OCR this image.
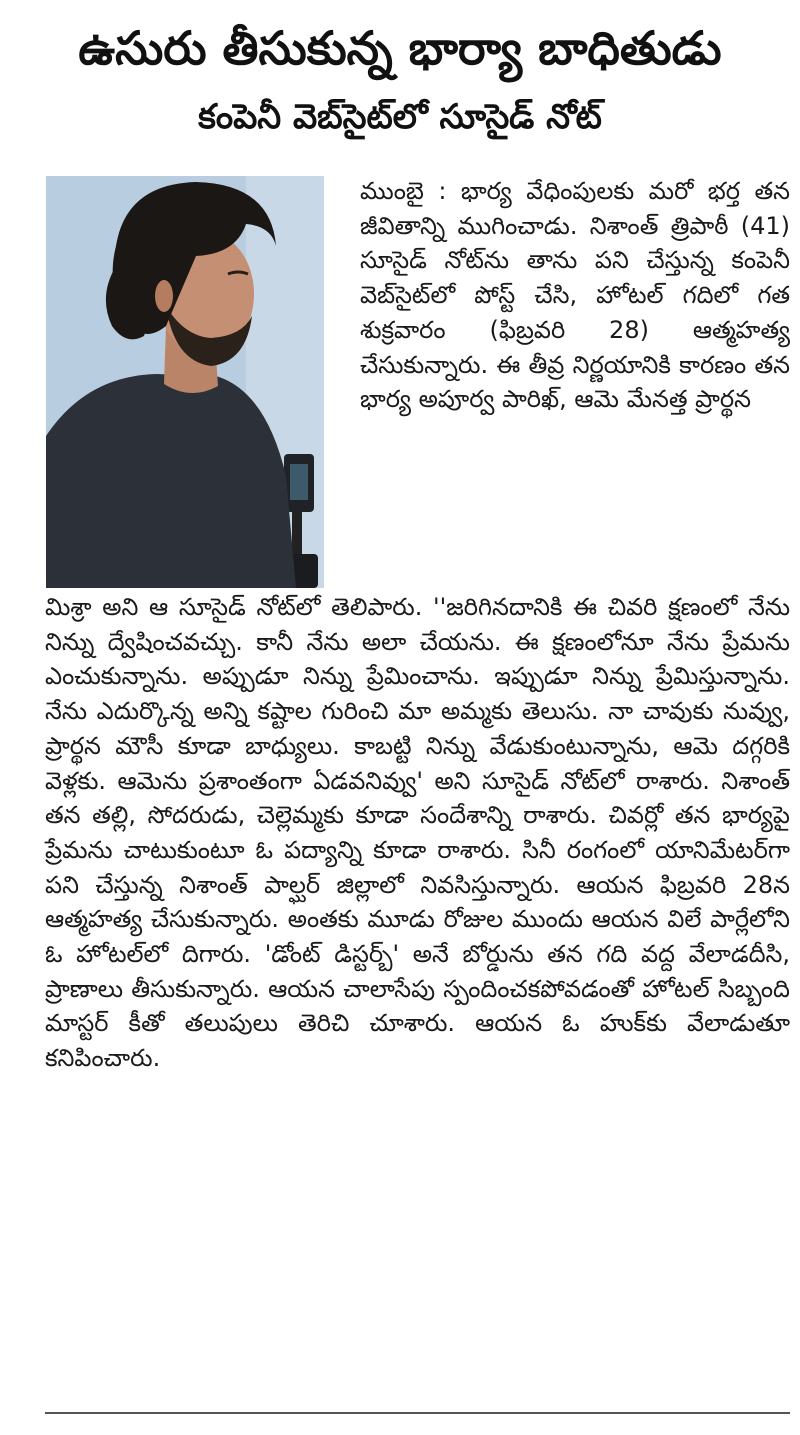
ఉసురు తీసుకున్న భార్యా బాధితుడు
కంపెనీ వెబ్‌సైట్‌లో సూసైడ్ నోట్

ముంబై : భార్య వేధింపులకు మరో భర్త తన జీవితాన్ని ముగించాడు. నిశాంత్ త్రిపాఠీ (41) సూసైడ్ నోట్‌ను తాను పని చేస్తున్న కంపెనీ వెబ్‌సైట్‌లో పోస్ట్ చేసి, హోటల్ గదిలో గత శుక్రవారం (ఫిబ్రవరి 28) ఆత్మహత్య చేసుకున్నారు. ఈ తీవ్ర నిర్ణయానికి కారణం తన భార్య అపూర్వ పారిఖ్, ఆమె మేనత్త ప్రార్థన

మిశ్రా అని ఆ సూసైడ్ నోట్‌లో తెలిపారు. ''జరిగినదానికి ఈ చివరి క్షణంలో నేను నిన్ను ద్వేషించవచ్చు. కానీ నేను అలా చేయను. ఈ క్షణంలోనూ నేను ప్రేమను ఎంచుకున్నాను. అప్పుడూ నిన్ను ప్రేమించాను. ఇప్పుడూ నిన్ను ప్రేమిస్తున్నాను. నేను ఎదుర్కొన్న అన్ని కష్టాల గురించి మా అమ్మకు తెలుసు. నా చావుకు నువ్వు, ప్రార్థన మౌసీ కూడా బాధ్యులు. కాబట్టి నిన్ను వేడుకుంటున్నాను, ఆమె దగ్గరికి వెళ్లకు. ఆమెను ప్రశాంతంగా ఏడవనివ్వు' అని సూసైడ్ నోట్‌లో రాశారు. నిశాంత్ తన తల్లి, సోదరుడు, చెల్లెమ్మకు కూడా సందేశాన్ని రాశారు. చివర్లో తన భార్యపై ప్రేమను చాటుకుంటూ ఓ పద్యాన్ని కూడా రాశారు. సినీ రంగంలో యానిమేటర్‌గా పని చేస్తున్న నిశాంత్ పాల్ఘర్ జిల్లాలో నివసిస్తున్నారు. ఆయన ఫిబ్రవరి 28న ఆత్మహత్య చేసుకున్నారు. అంతకు మూడు రోజుల ముందు ఆయన విలే పార్లేలోని ఓ హోటల్‌లో దిగారు. 'డోంట్ డిస్టర్బ్' అనే బోర్డును తన గది వద్ద వేలాడదీసి, ప్రాణాలు తీసుకున్నారు. ఆయన చాలాసేపు స్పందించకపోవడంతో హోటల్ సిబ్బంది మాస్టర్ కీతో తలుపులు తెరిచి చూశారు. ఆయన ఓ హుక్‌కు వేలాడుతూ కనిపించారు.
